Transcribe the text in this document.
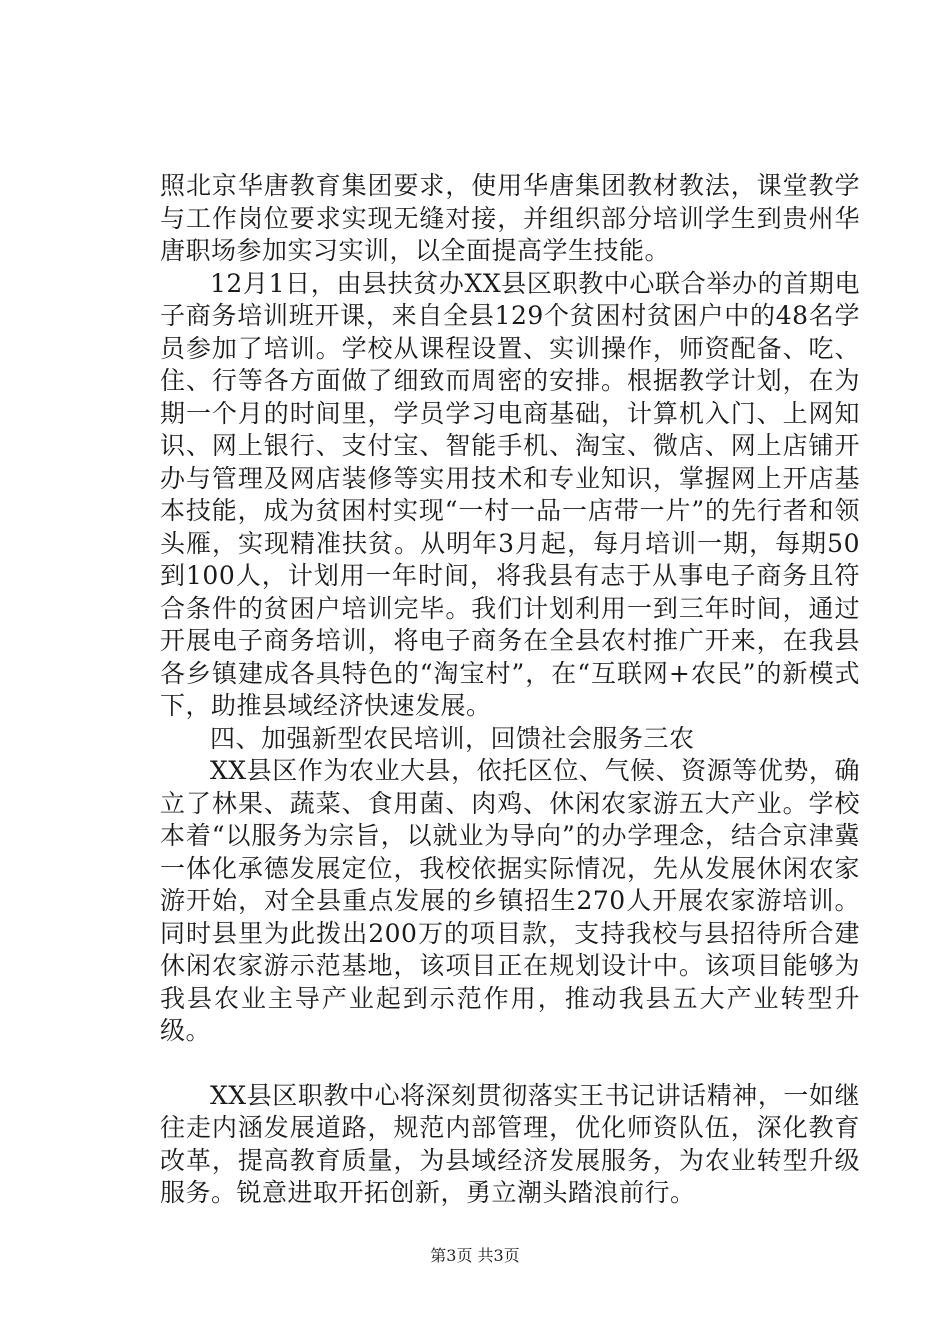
照北京华唐教育集团要求，使用华唐集团教材教法，课堂教学与工作岗位要求实现无缝对接，并组织部分培训学生到贵州华唐职场参加实习实训，以全面提高学生技能。

12月1日，由县扶贫办XX县区职教中心联合举办的首期电子商务培训班开课，来自全县129个贫困村贫困户中的48名学员参加了培训。学校从课程设置、实训操作，师资配备、吃、住、行等各方面做了细致而周密的安排。根据教学计划，在为期一个月的时间里，学员学习电商基础，计算机入门、上网知识、网上银行、支付宝、智能手机、淘宝、微店、网上店铺开办与管理及网店装修等实用技术和专业知识，掌握网上开店基本技能，成为贫困村实现“一村一品一店带一片”的先行者和领头雁，实现精准扶贫。从明年3月起，每月培训一期，每期50到100人，计划用一年时间，将我县有志于从事电子商务且符合条件的贫困户培训完毕。我们计划利用一到三年时间，通过开展电子商务培训，将电子商务在全县农村推广开来，在我县各乡镇建成各具特色的“淘宝村”，在“互联网+农民”的新模式下，助推县域经济快速发展。

四、加强新型农民培训，回馈社会服务三农

XX县区作为农业大县，依托区位、气候、资源等优势，确立了林果、蔬菜、食用菌、肉鸡、休闲农家游五大产业。学校本着“以服务为宗旨，以就业为导向”的办学理念，结合京津冀一体化承德发展定位，我校依据实际情况，先从发展休闲农家游开始，对全县重点发展的乡镇招生270人开展农家游培训。同时县里为此拨出200万的项目款，支持我校与县招待所合建休闲农家游示范基地，该项目正在规划设计中。该项目能够为我县农业主导产业起到示范作用，推动我县五大产业转型升级。

XX县区职教中心将深刻贯彻落实王书记讲话精神，一如继往走内涵发展道路，规范内部管理，优化师资队伍，深化教育改革，提高教育质量，为县域经济发展服务，为农业转型升级服务。锐意进取开拓创新，勇立潮头踏浪前行。

第3页 共3页
